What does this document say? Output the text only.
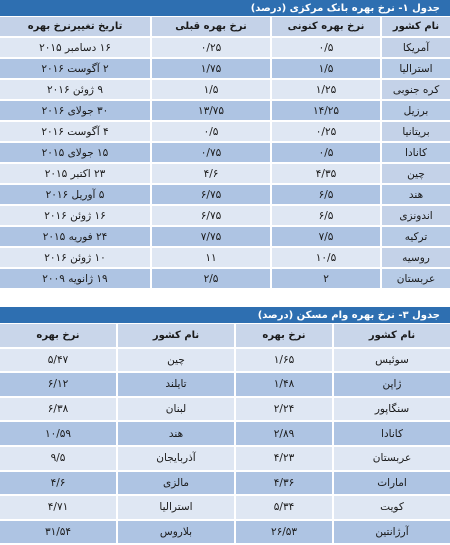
جدول ۱- نرخ بهره بانک مرکزی (درصد)
نام کشور
نرخ بهره کنونی
نرخ بهره قبلی
تاریخ تغییرنرخ بهره
آمریکا
۰/۵
۰/۲۵
۱۶ دسامبر ۲۰۱۵
استرالیا
۱/۵
۱/۷۵
۲ آگوست ۲۰۱۶
کره جنوبی
۱/۲۵
۱/۵
۹ ژوئن ۲۰۱۶
برزیل
۱۴/۲۵
۱۳/۷۵
۳۰ جولای ۲۰۱۶
بریتانیا
۰/۲۵
۰/۵
۴ آگوست ۲۰۱۶
کانادا
۰/۵
۰/۷۵
۱۵ جولای ۲۰۱۵
چین
۴/۳۵
۴/۶
۲۳ اکتبر ۲۰۱۵
هند
۶/۵
۶/۷۵
۵ آوریل ۲۰۱۶
اندونزی
۶/۵
۶/۷۵
۱۶ ژوئن ۲۰۱۶
ترکیه
۷/۵
۷/۷۵
۲۴ فوریه ۲۰۱۵
روسیه
۱۰/۵
۱۱
۱۰ ژوئن ۲۰۱۶
عربستان
۲
۲/۵
۱۹ ژانویه ۲۰۰۹
جدول ۳- نرخ بهره وام مسکن (درصد)
نام کشور
نرخ بهره
نام کشور
نرخ بهره
سوئیس
۱/۶۵
چین
۵/۴۷
ژاپن
۱/۴۸
تایلند
۶/۱۲
سنگاپور
۲/۲۴
لبنان
۶/۳۸
کانادا
۲/۸۹
هند
۱۰/۵۹
عربستان
۴/۲۳
آذربایجان
۹/۵
امارات
۴/۳۶
مالزی
۴/۶
کویت
۵/۳۴
استرالیا
۴/۷۱
آرژانتین
۲۶/۵۳
بلاروس
۳۱/۵۴
